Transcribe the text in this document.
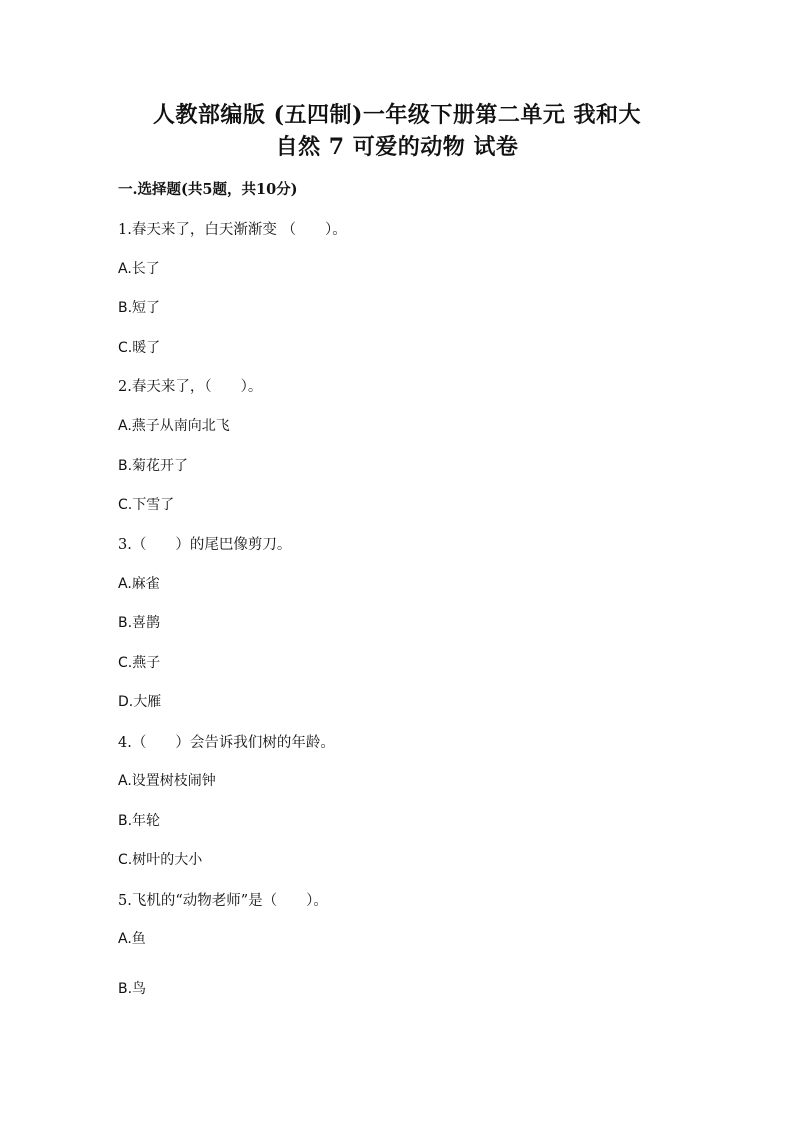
人教部编版 (五四制)一年级下册第二单元 我和大
自然 7 可爱的动物 试卷
一.选择题(共5题，共10分)
1.春天来了，白天渐渐变 （　　）。
A.长了
B.短了
C.暖了
2.春天来了，（　　）。
A.燕子从南向北飞
B.菊花开了
C.下雪了
3.（　　）的尾巴像剪刀。
A.麻雀
B.喜鹊
C.燕子
D.大雁
4.（　　）会告诉我们树的年龄。
A.设置树枝闹钟
B.年轮
C.树叶的大小
5.飞机的“动物老师”是（　　）。
A.鱼
B.鸟
